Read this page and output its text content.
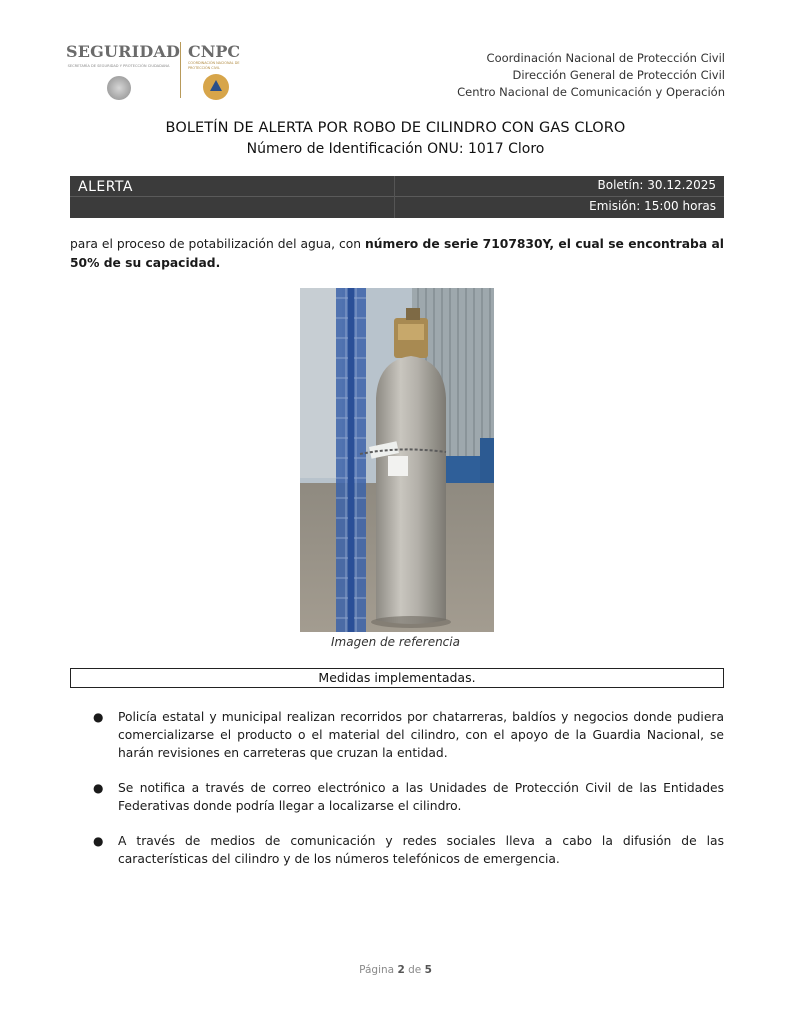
SEGURIDAD
SECRETARÍA DE SEGURIDAD Y PROTECCIÓN CIUDADANA
CNPC
COORDINACIÓN NACIONAL DE PROTECCIÓN CIVIL
Coordinación Nacional de Protección Civil
Dirección General de Protección Civil
Centro Nacional de Comunicación y Operación
BOLETÍN DE ALERTA POR ROBO DE CILINDRO CON GAS CLORO
Número de Identificación ONU: 1017 Cloro
ALERTA	Boletín: 30.12.2025
Emisión: 15:00 horas

para el proceso de potabilización del agua, con número de serie 7107830Y, el cual se encontraba al 50% de su capacidad.

Imagen de referencia
Medidas implementadas.
● Policía estatal y municipal realizan recorridos por chatarreras, baldíos y negocios donde pudiera comercializarse el producto o el material del cilindro, con el apoyo de la Guardia Nacional, se harán revisiones en carreteras que cruzan la entidad.
● Se notifica a través de correo electrónico a las Unidades de Protección Civil de las Entidades Federativas donde podría llegar a localizarse el cilindro.
● A través de medios de comunicación y redes sociales lleva a cabo la difusión de las características del cilindro y de los números telefónicos de emergencia.
Página 2 de 5
